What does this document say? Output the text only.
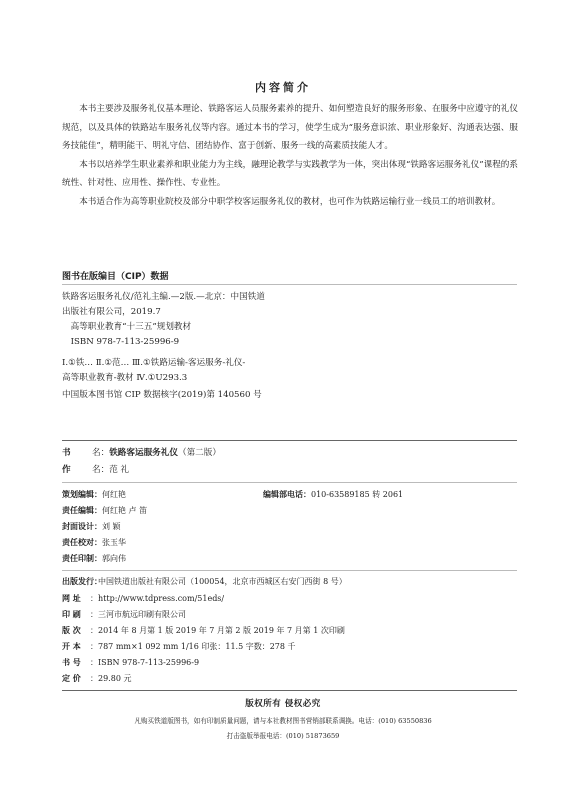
内容简介

本书主要涉及服务礼仪基本理论、铁路客运人员服务素养的提升、如何塑造良好的服务形象、在服务中应遵守的礼仪规范，以及具体的铁路站车服务礼仪等内容。通过本书的学习，使学生成为“服务意识浓、职业形象好、沟通表达强、服务技能佳”，精明能干、明礼守信、团结协作、富于创新、服务一线的高素质技能人才。

本书以培养学生职业素养和职业能力为主线，融理论教学与实践教学为一体，突出体现“铁路客运服务礼仪”课程的系统性、针对性、应用性、操作性、专业性。

本书适合作为高等职业院校及部分中职学校客运服务礼仪的教材，也可作为铁路运输行业一线员工的培训教材。

图书在版编目（CIP）数据
铁路客运服务礼仪/范礼主编.—2版.—北京：中国铁道
出版社有限公司，2019.7
高等职业教育“十三五”规划教材
ISBN 978-7-113-25996-9
Ⅰ.①铁… Ⅱ.①范… Ⅲ.①铁路运输-客运服务-礼仪-
高等职业教育-教材 Ⅳ.①U293.3
中国版本图书馆 CIP 数据核字(2019)第 140560 号
书 名：铁路客运服务礼仪（第二版）
作 名：范 礼
策划编辑：何红艳	编辑部电话：010-63589185 转 2061
责任编辑：何红艳 卢 笛
封面设计：刘 颖
责任校对：张玉华
责任印制：郭向伟
出版发行：中国铁道出版社有限公司（100054，北京市西城区右安门西街 8 号）
网 址 ：http://www.tdpress.com/51eds/
印 刷 ：三河市航远印刷有限公司
版 次 ：2014 年 8 月第 1 版 2019 年 7 月第 2 版 2019 年 7 月第 1 次印刷
开 本 ：787 mm×1 092 mm 1/16 印张：11.5 字数：278 千
书 号 ：ISBN 978-7-113-25996-9
定 价 ：29.80 元
版权所有 侵权必究
凡购买铁道版图书，如有印制质量问题，请与本社教材图书营销部联系调换。电话：(010) 63550836
打击盗版举报电话：(010) 51873659
